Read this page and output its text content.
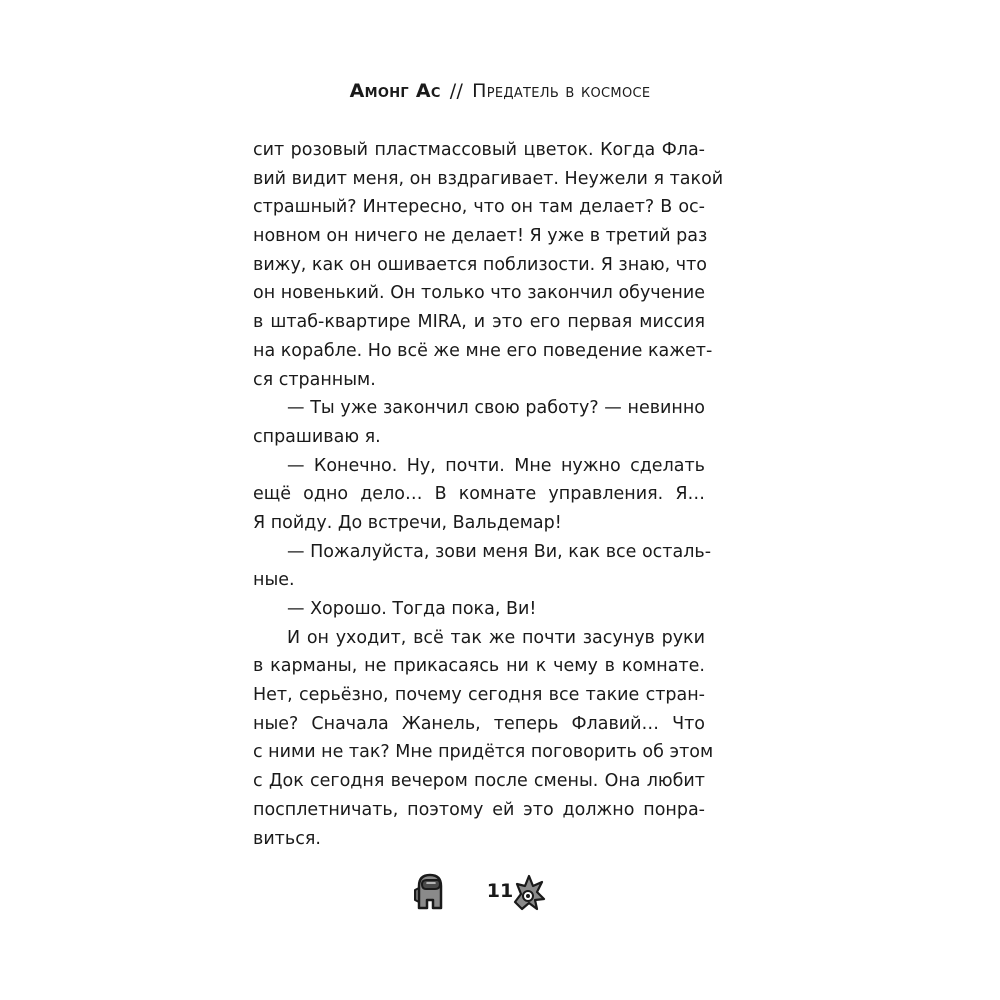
Амонг Ас // Предатель в космосе
сит розовый пластмассовый цветок. Когда Фла-
вий видит меня, он вздрагивает. Неужели я такой
страшный? Интересно, что он там делает? В ос-
новном он ничего не делает! Я уже в третий раз
вижу, как он ошивается поблизости. Я знаю, что
он новенький. Он только что закончил обучение
в штаб-квартире MIRA, и это его первая миссия
на корабле. Но всё же мне его поведение кажет-
ся странным.
— Ты уже закончил свою работу? — невинно
спрашиваю я.
— Конечно. Ну, почти. Мне нужно сделать
ещё одно дело… В комнате управления. Я…
Я пойду. До встречи, Вальдемар!
— Пожалуйста, зови меня Ви, как все осталь-
ные.
— Хорошо. Тогда пока, Ви!
И он уходит, всё так же почти засунув руки
в карманы, не прикасаясь ни к чему в комнате.
Нет, серьёзно, почему сегодня все такие стран-
ные? Сначала Жанель, теперь Флавий… Что
с ними не так? Мне придётся поговорить об этом
с Док сегодня вечером после смены. Она любит
посплетничать, поэтому ей это должно понра-
виться.
11
